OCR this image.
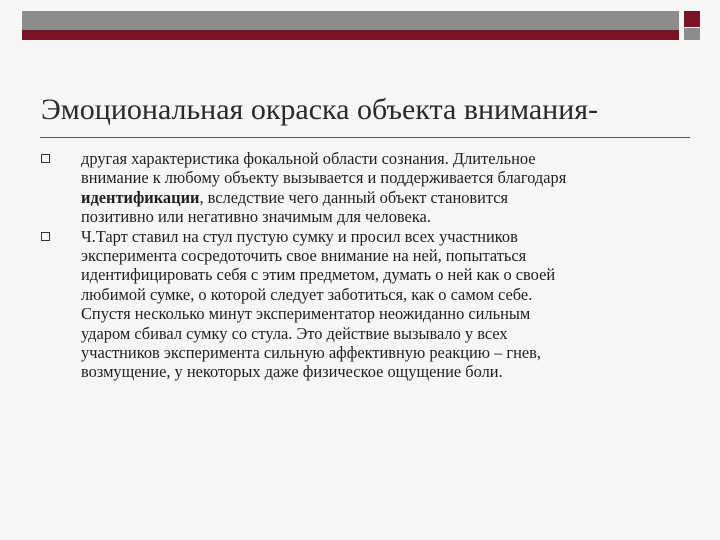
Эмоциональная окраска объекта внимания-
другая характеристика фокальной области сознания. Длительное
внимание к любому объекту вызывается и поддерживается благодаря
идентификации, вследствие чего данный объект становится
позитивно или негативно значимым для человека.
Ч.Тарт ставил на стул пустую сумку и просил всех участников
эксперимента сосредоточить свое внимание на ней, попытаться
идентифицировать себя с этим предметом, думать о ней как о своей
любимой сумке, о которой следует заботиться, как о самом себе.
Спустя несколько минут экспериментатор неожиданно сильным
ударом сбивал сумку со стула. Это действие вызывало у всех
участников эксперимента сильную аффективную реакцию – гнев,
возмущение, у некоторых даже физическое ощущение боли.
